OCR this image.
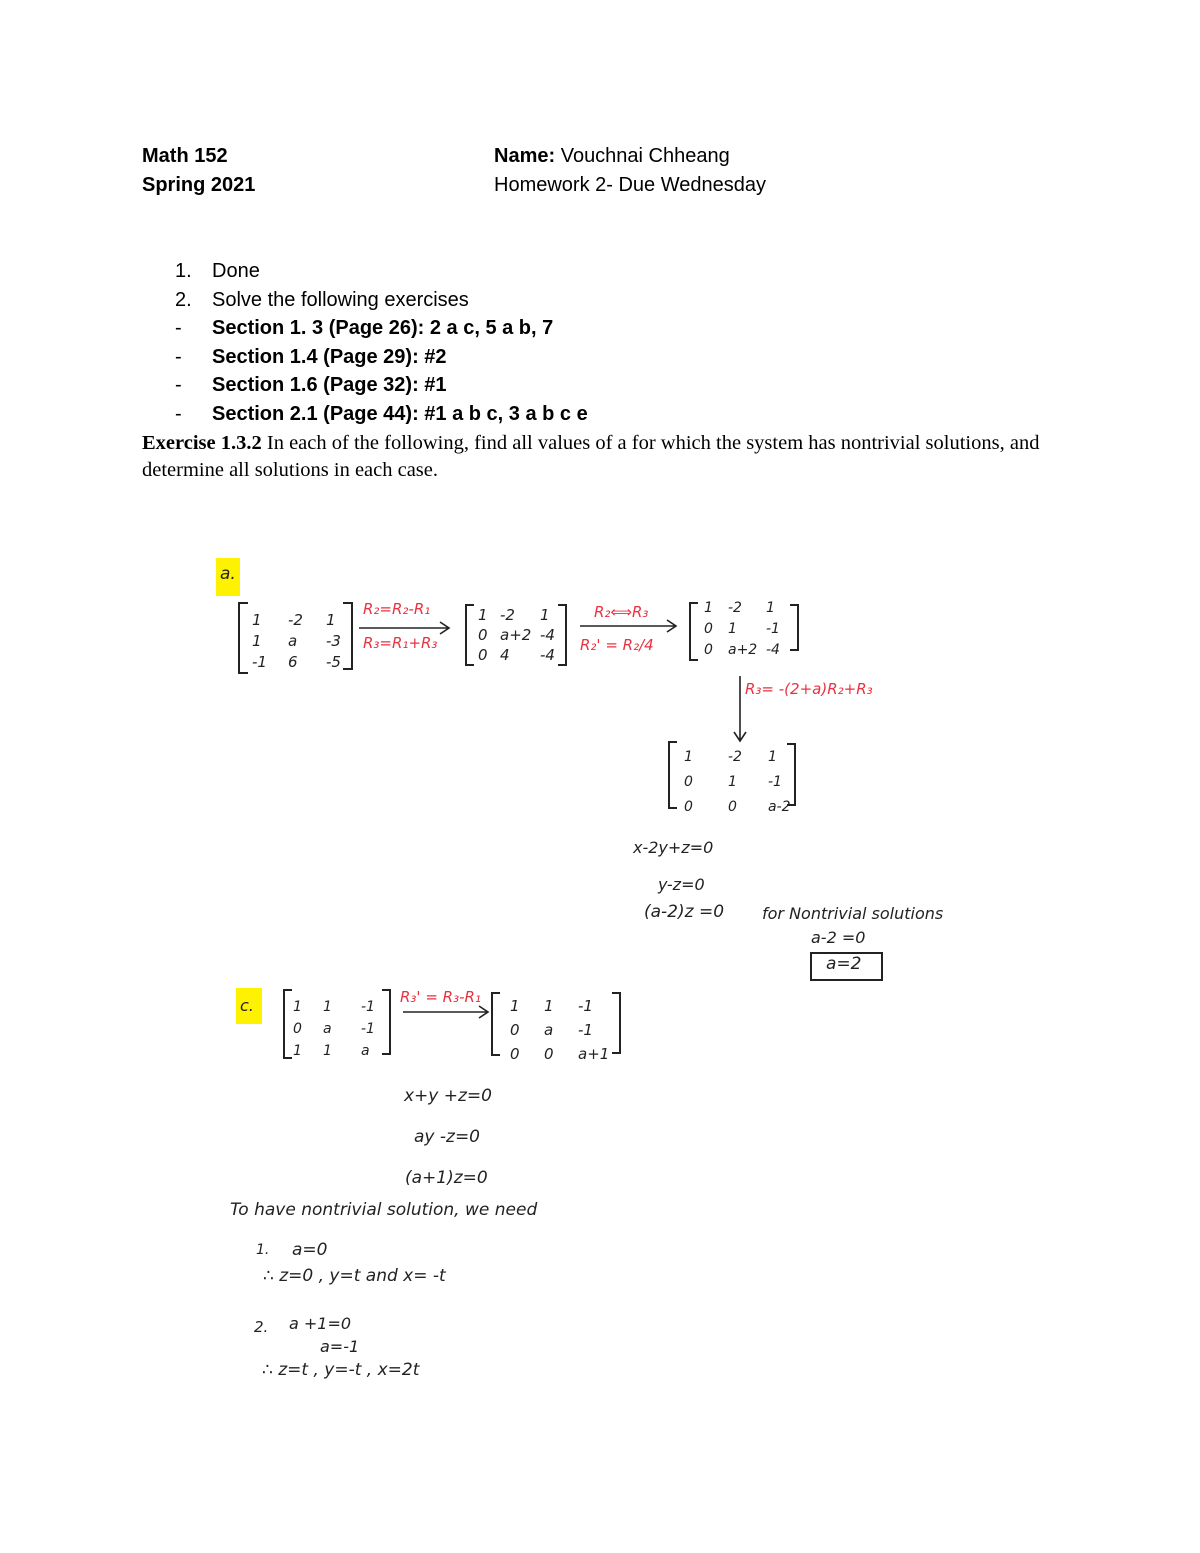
Math 152
Spring 2021
Name: Vouchnai Chheang
Homework 2- Due Wednesday
1.	Done
2.	Solve the following exercises
-	Section 1. 3 (Page 26): 2 a c, 5 a b, 7
-	Section 1.4 (Page 29): #2
-	Section 1.6 (Page 32): #1
-	Section 2.1 (Page 44): #1 a b c, 3 a b c e
Exercise 1.3.2 In each of the following, find all values of a for which the system has nontrivial solutions, and determine all solutions in each case.
a.
1	-2	1
1	a	-3
-1	6	-5
R₂=R₂-R₁
R₃=R₁+R₃
1 -2	1
0 a+2 -4
0 4	-4
R₂⟺R₃
R₂' = R₂/4
1	-2	1
0	1	-1
0	a+2 -4
R₃= -(2+a)R₂+R₃
1	-2	1
0	1	-1
0	0	a-2
x-2y+z=0
y-z=0
(a-2)z =0 for Nontrivial solutions
a-2 =0
a=2
c.	1	1	-1
0	a	-1
1	1	a
R₃' = R₃-R₁ 1	1	-1
0	a	-1
0	0	a+1
x+y +z=0
ay -z=0
(a+1)z=0
To have nontrivial solution, we need
1. a=0
∴ z=0 , y=t and x= -t
2. a +1=0
a=-1
∴ z=t , y=-t , x=2t
